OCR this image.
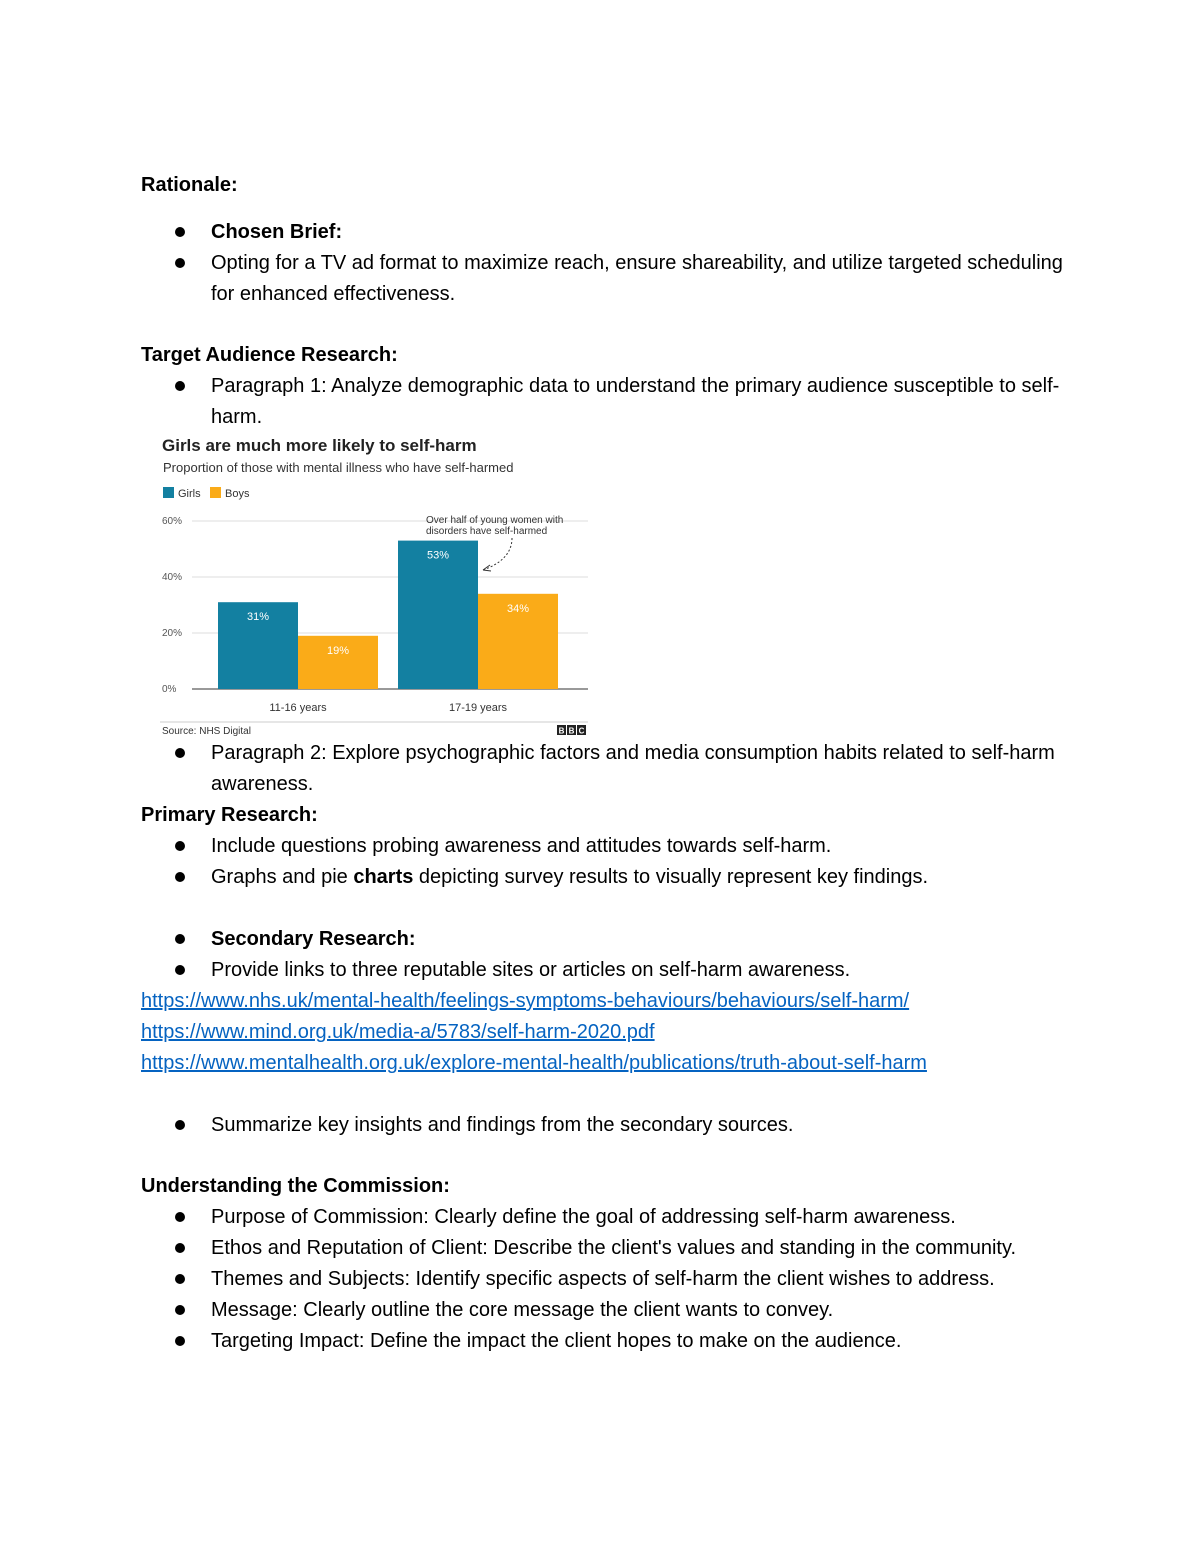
Rationale:

Chosen Brief:
Opting for a TV ad format to maximize reach, ensure shareability, and utilize targeted scheduling for enhanced effectiveness.

Target Audience Research:

Paragraph 1: Analyze demographic data to understand the primary audience susceptible to self-harm.
Girls are much more likely to self-harm
Proportion of those with mental illness who have self-harmed
Girls Boys
0%
20%
40%
60%
31%
19%
53%
34%
11-16 years	17-19 years
Over half of young women with disorders have self-harmed
Source: NHS Digital	B B C
Paragraph 2: Explore psychographic factors and media consumption habits related to self-harm awareness.

Primary Research:

Include questions probing awareness and attitudes towards self-harm.
Graphs and pie charts depicting survey results to visually represent key findings.
Secondary Research:
Provide links to three reputable sites or articles on self-harm awareness.
https://www.nhs.uk/mental-health/feelings-symptoms-behaviours/behaviours/self-harm/
https://www.mind.org.uk/media-a/5783/self-harm-2020.pdf
https://www.mentalhealth.org.uk/explore-mental-health/publications/truth-about-self-harm
Summarize key insights and findings from the secondary sources.

Understanding the Commission:

Purpose of Commission: Clearly define the goal of addressing self-harm awareness.
Ethos and Reputation of Client: Describe the client's values and standing in the community.
Themes and Subjects: Identify specific aspects of self-harm the client wishes to address.
Message: Clearly outline the core message the client wants to convey.
Targeting Impact: Define the impact the client hopes to make on the audience.
